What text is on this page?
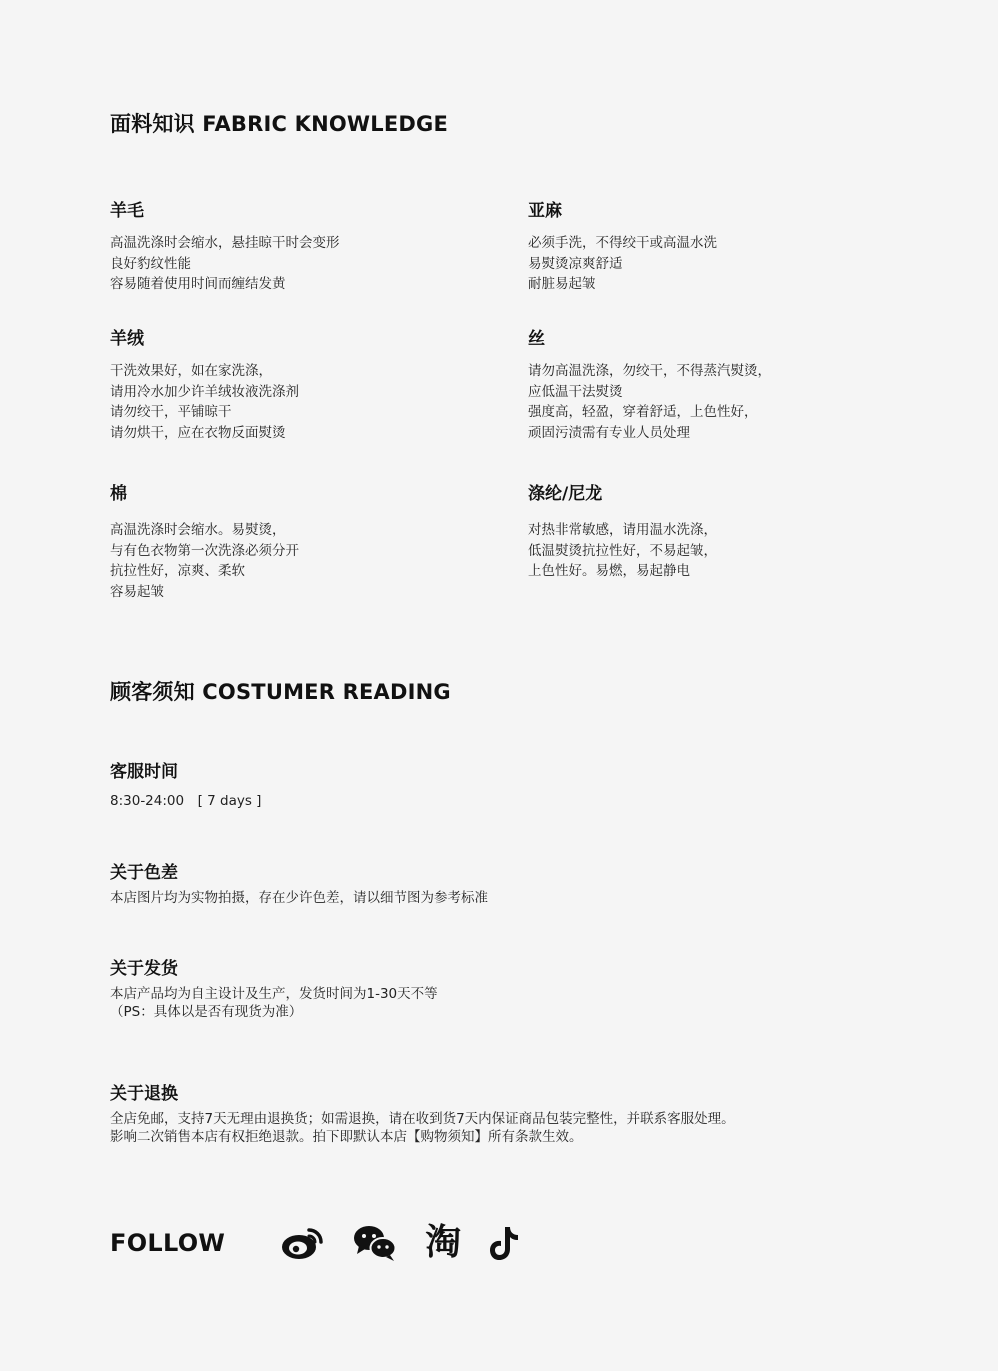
面料知识 FABRIC KNOWLEDGE
羊毛
高温洗涤时会缩水，悬挂晾干时会变形
良好豹纹性能
容易随着使用时间而缠结发黄
亚麻
必须手洗，不得绞干或高温水洗
易熨烫凉爽舒适
耐脏易起皱
羊绒
干洗效果好，如在家洗涤，
请用冷水加少许羊绒妆液洗涤剂
请勿绞干，平铺晾干
请勿烘干，应在衣物反面熨烫
丝
请勿高温洗涤，勿绞干，不得蒸汽熨烫，
应低温干法熨烫
强度高，轻盈，穿着舒适，上色性好，
顽固污渍需有专业人员处理
棉
高温洗涤时会缩水。易熨烫，
与有色衣物第一次洗涤必须分开
抗拉性好，凉爽、柔软
容易起皱
涤纶/尼龙
对热非常敏感，请用温水洗涤，
低温熨烫抗拉性好，不易起皱，
上色性好。易燃，易起静电
顾客须知 COSTUMER READING
客服时间
8:30-24:00　[ 7 days ]
关于色差
本店图片均为实物拍摄，存在少许色差，请以细节图为参考标准
关于发货
本店产品均为自主设计及生产，发货时间为1-30天不等
（PS：具体以是否有现货为准）
关于退换
全店免邮，支持7天无理由退换货；如需退换，请在收到货7天内保证商品包装完整性，并联系客服处理。
影响二次销售本店有权拒绝退款。拍下即默认本店【购物须知】所有条款生效。
FOLLOW	淘
